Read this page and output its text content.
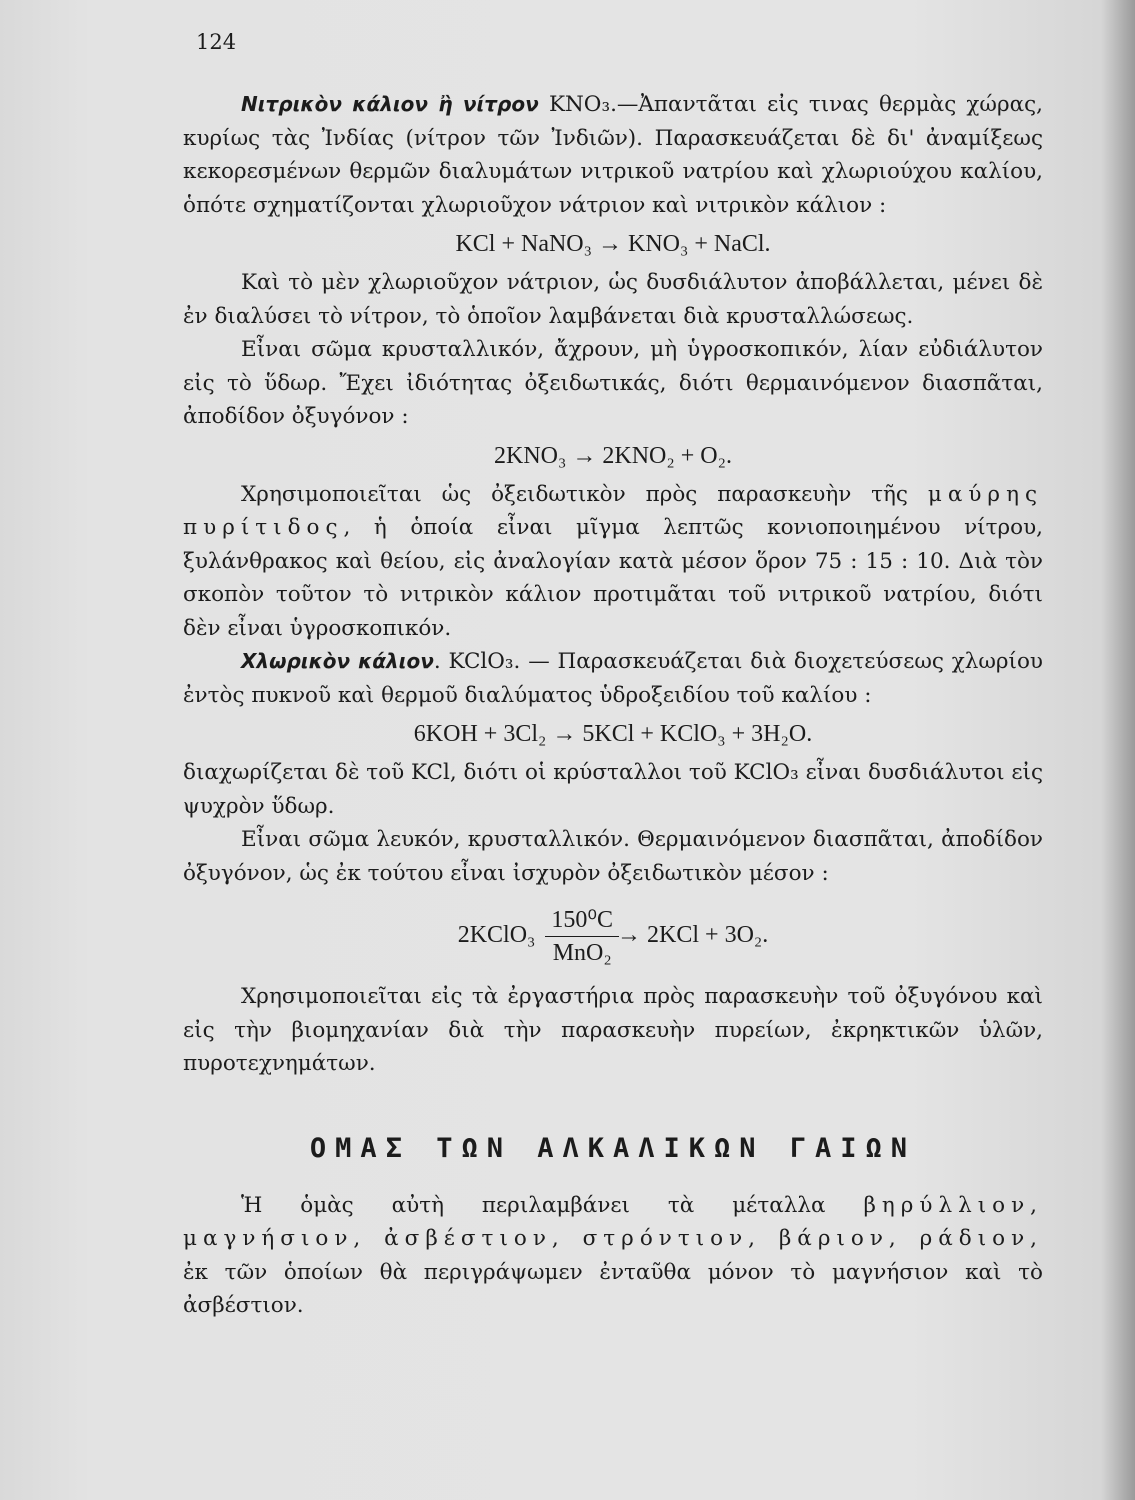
124

Νιτρικὸν κάλιον ἢ νίτρον KNO₃.—Ἀπαντᾶται εἰς τινας θερμὰς χώρας, κυρίως τὰς Ἰνδίας (νίτρον τῶν Ἰνδιῶν). Παρασκευάζεται δὲ δι' ἀναμίξεως κεκορεσμένων θερμῶν διαλυμάτων νιτρικοῦ νατρίου καὶ χλωριούχου καλίου, ὁπότε σχηματίζονται χλωριοῦχον νάτριον καὶ νιτρικὸν κάλιον :

KCl + NaNO₃ → KNO₃ + NaCl.

Καὶ τὸ μὲν χλωριοῦχον νάτριον, ὡς δυσδιάλυτον ἀποβάλλεται, μένει δὲ ἐν διαλύσει τὸ νίτρον, τὸ ὁποῖον λαμβάνεται διὰ κρυσταλλώσεως.

Εἶναι σῶμα κρυσταλλικόν, ἄχρουν, μὴ ὑγροσκοπικόν, λίαν εὐδιάλυτον εἰς τὸ ὕδωρ. Ἔχει ἰδιότητας ὀξειδωτικάς, διότι θερμαινόμενον διασπᾶται, ἀποδίδον ὀξυγόνον :

2KNO₃ → 2KNO₂ + O₂.

Χρησιμοποιεῖται ὡς ὀξειδωτικὸν πρὸς παρασκευὴν τῆς μαύρης πυρίτιδος, ἡ ὁποία εἶναι μῖγμα λεπτῶς κονιοποιημένου νίτρου, ξυλάνθρακος καὶ θείου, εἰς ἀναλογίαν κατὰ μέσον ὅρον 75 : 15 : 10. Διὰ τὸν σκοπὸν τοῦτον τὸ νιτρικὸν κάλιον προτιμᾶται τοῦ νιτρικοῦ νατρίου, διότι δὲν εἶναι ὑγροσκοπικόν.

Χλωρικὸν κάλιον. KClO₃. — Παρασκευάζεται διὰ διοχετεύσεως χλωρίου ἐντὸς πυκνοῦ καὶ θερμοῦ διαλύματος ὑδροξειδίου τοῦ καλίου :

6KOH + 3Cl₂ → 5KCl + KClO₃ + 3H₂O.

διαχωρίζεται δὲ τοῦ KCl, διότι οἱ κρύσταλλοι τοῦ KClO₃ εἶναι δυσδιάλυτοι εἰς ψυχρὸν ὕδωρ.

Εἶναι σῶμα λευκόν, κρυσταλλικόν. Θερμαινόμενον διασπᾶται, ἀποδίδον ὀξυγόνον, ὡς ἐκ τούτου εἶναι ἰσχυρὸν ὀξειδωτικὸν μέσον :

2KClO₃ $\frac{\text{150⁰C}}{\text{MnO₂}}$
→ 2KCl + 3O₂.

Χρησιμοποιεῖται εἰς τὰ ἐργαστήρια πρὸς παρασκευὴν τοῦ ὀξυγόνου καὶ εἰς τὴν βιομηχανίαν διὰ τὴν παρασκευὴν πυρείων, ἐκρηκτικῶν ὑλῶν, πυροτεχνημάτων.

ΟΜΑΣ ΤΩΝ ΑΛΚΑΛΙΚΩΝ ΓΑΙΩΝ

Ἡ ὁμὰς αὐτὴ περιλαμβάνει τὰ μέταλλα βηρύλλιον, μαγνήσιον, ἀσβέστιον, στρόντιον, βάριον, ράδιον, ἐκ τῶν ὁποίων θὰ περιγράψωμεν ἐνταῦθα μόνον τὸ μαγνήσιον καὶ τὸ ἀσβέστιον.
